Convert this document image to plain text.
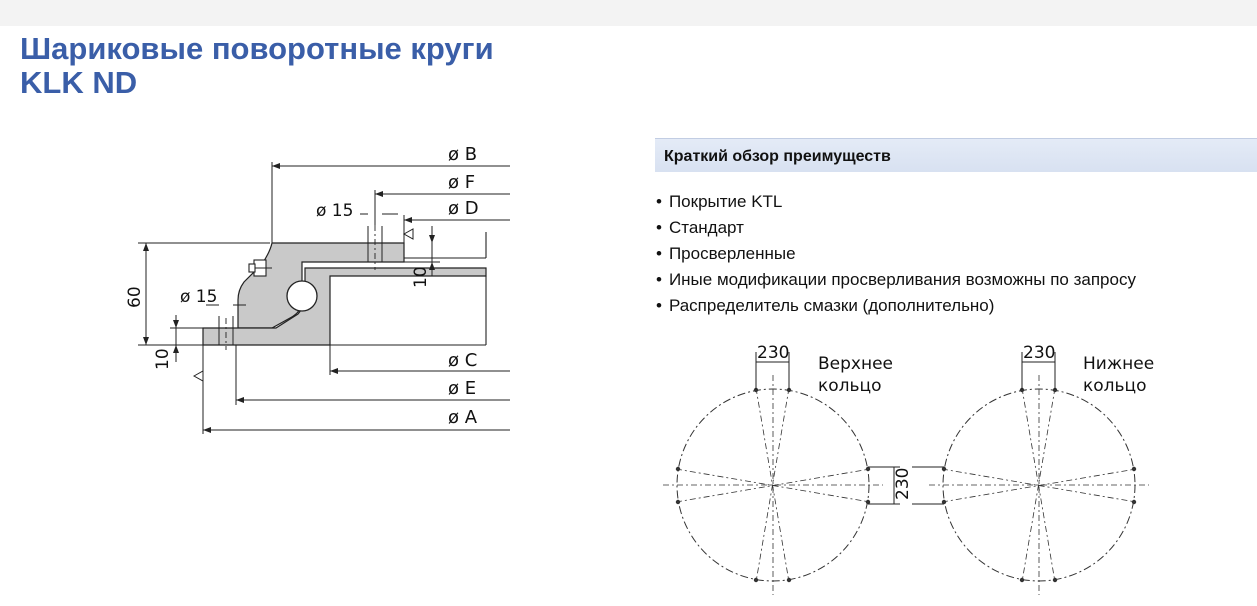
Шариковые поворотные круги
KLK ND
Краткий обзор преимуществ
• Покрытие KTL
• Стандарт
• Просверленные
• Иные модификации просверливания возможны по запросу
• Распределитель смазки (дополнительно)
ø B
ø F
ø D
ø C
ø E
ø A
ø 15
ø 15
60
10
10
230
230
Верхнее
кольцо
230
Нижнее
кольцо
